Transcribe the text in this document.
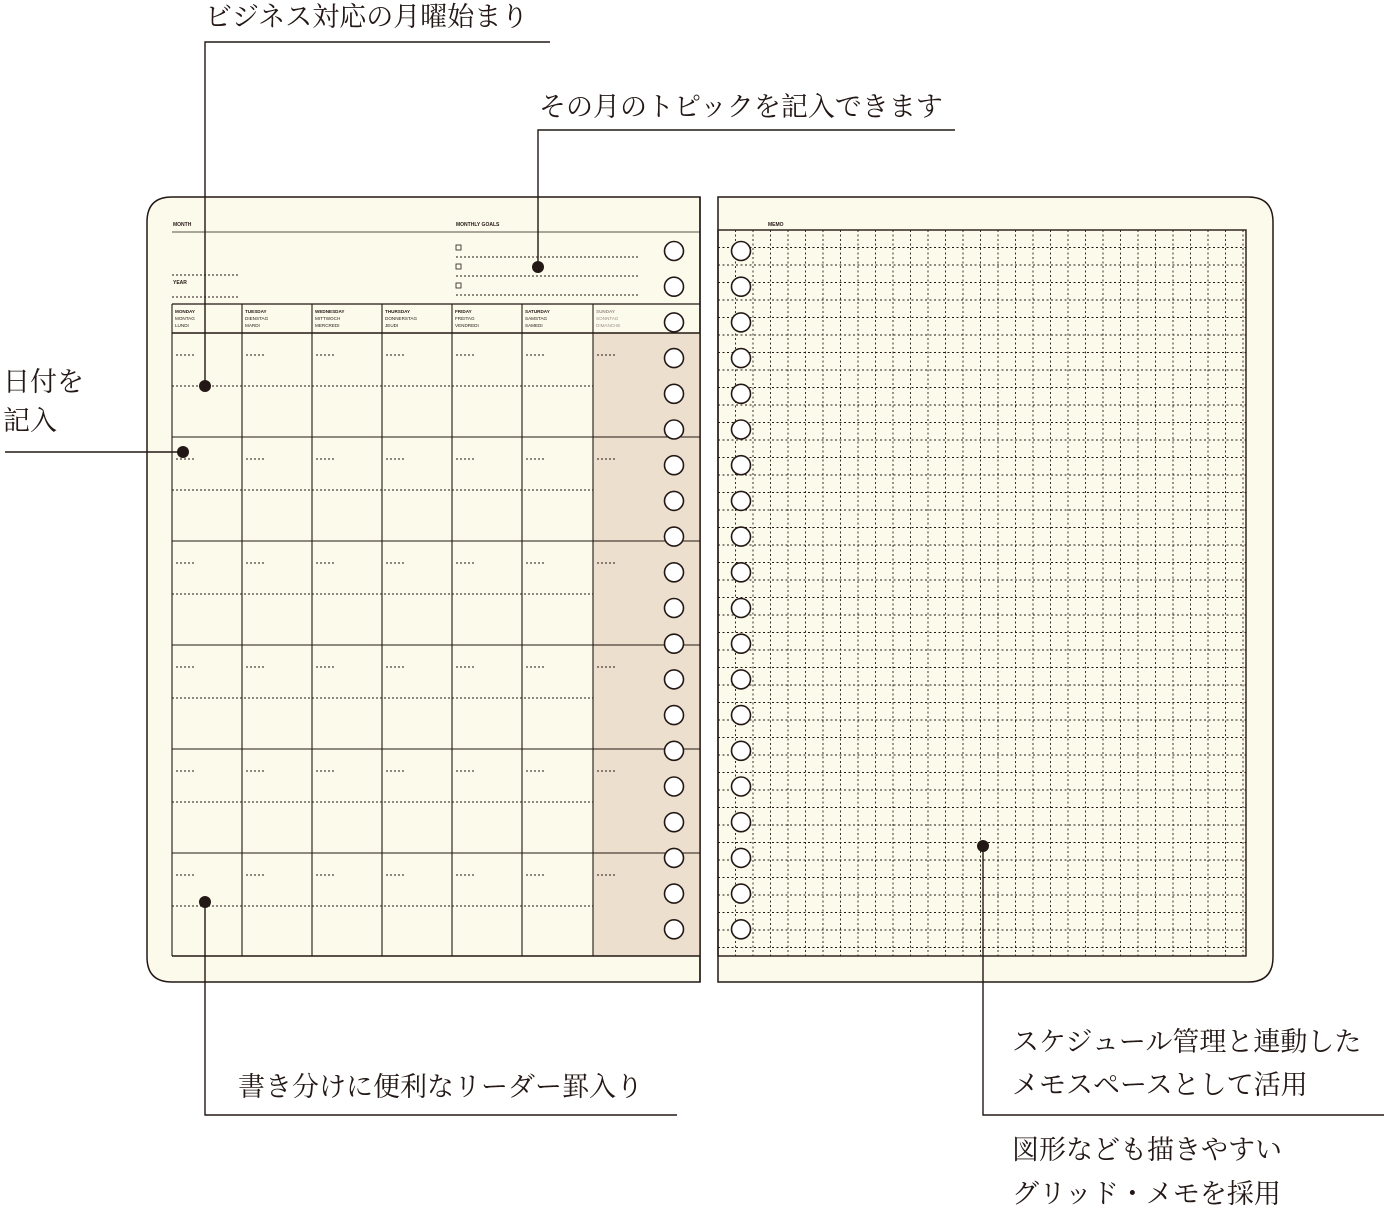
MONTH
YEAR
MONTHLY GOALS
MONDAY
MONTAG
LUNDI
TUESDAY
DIENSTAG
MARDI
WEDNESDAY
MITTWOCH
MERCREDI
THURSDAY
DONNERSTAG
JEUDI
FRIDAY
FREITAG
VENDREDI
SATURDAY
SAMSTAG
SAMEDI
SUNDAY
SONNTAG
DIMANCHE
MEMO
ビジネス対応の月曜始まり
その月のトピックを記入できます
日付を
記入
書き分けに便利なリーダー罫入り
スケジュール管理と連動した
メモスペースとして活用
図形なども描きやすい
グリッド・メモを採用
